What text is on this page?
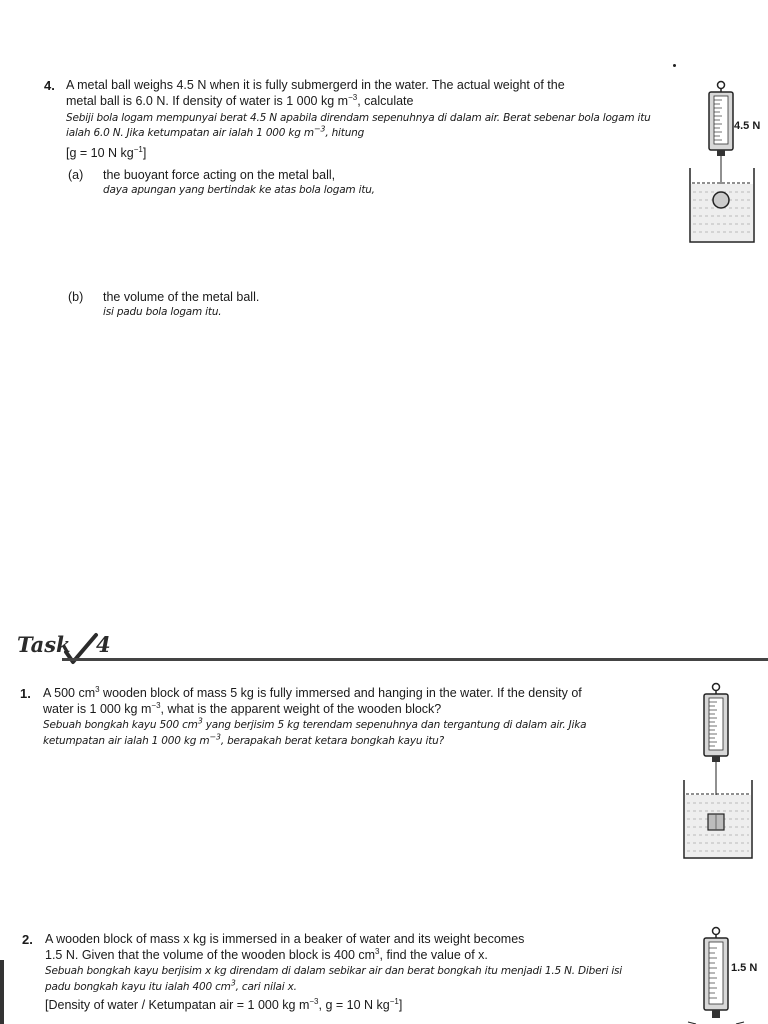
4. A metal ball weighs 4.5 N when it is fully submergerd in the water. The actual weight of the
metal ball is 6.0 N. If density of water is 1 000 kg $m^{-3}$, calculate
Sebiji bola logam mempunyai berat 4.5 N apabila direndam sepenuhnya di dalam air. Berat sebenar bola logam itu
ialah 6.0 N. Jika ketumpatan air ialah 1 000 kg $m^{-3}$, hitung
[g = 10 N $kg^{-1}$]
(a) the buoyant force acting on the metal ball,
daya apungan yang bertindak ke atas bola logam itu,
(b) the volume of the metal ball.
isi padu bola logam itu.
4.5 N
Task 4
1. A 500 $cm^3$ wooden block of mass 5 kg is fully immersed and hanging in the water. If the density of
water is 1 000 kg $m^{-3}$, what is the apparent weight of the wooden block?
Sebuah bongkah kayu 500 $cm^3$ yang berjisim 5 kg terendam sepenuhnya dan tergantung di dalam air. Jika
ketumpatan air ialah 1 000 kg $m^{-3}$, berapakah berat ketara bongkah kayu itu?
2. A wooden block of mass x kg is immersed in a beaker of water and its weight becomes
1.5 N. Given that the volume of the wooden block is 400 $cm^3$, find the value of x.
Sebuah bongkah kayu berjisim x kg direndam di dalam sebikar air dan berat bongkah itu menjadi 1.5 N. Diberi isi
padu bongkah kayu itu ialah 400 $cm^3$, cari nilai x.
[Density of water / Ketumpatan air = 1 000 kg $m^{-3}$, g = 10 N $kg^{-1}$]
1.5 N
